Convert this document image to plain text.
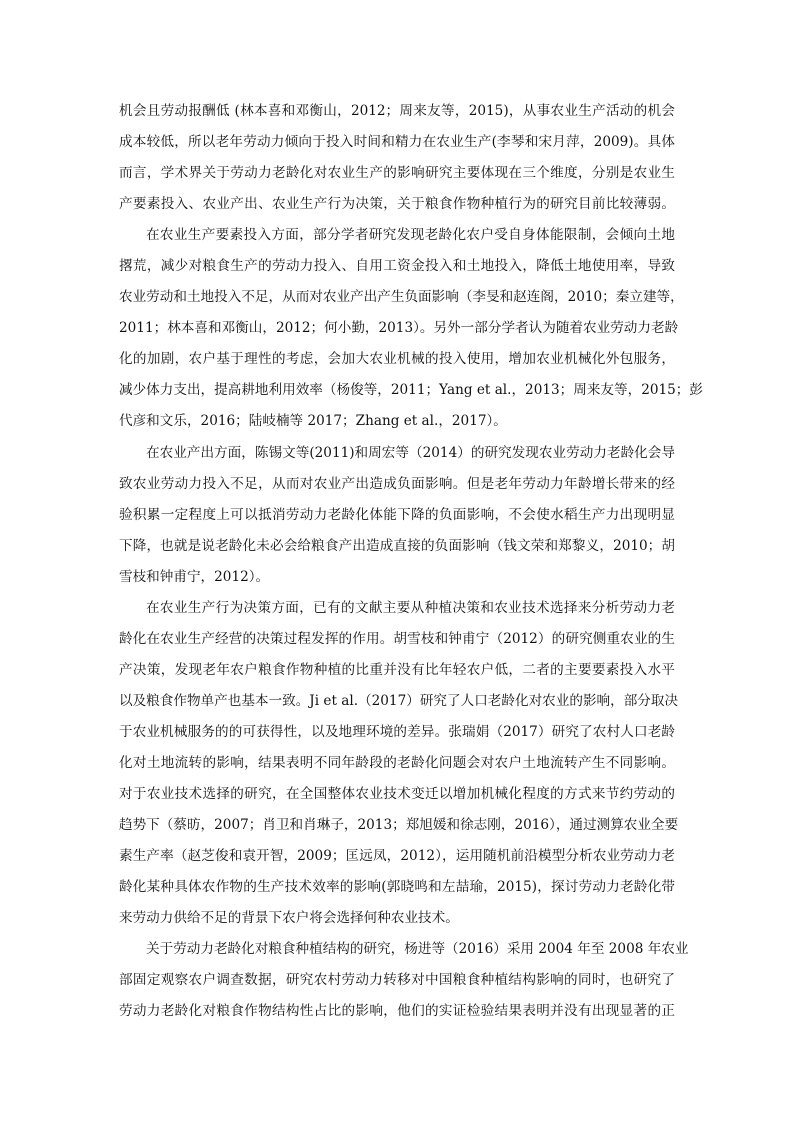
机会且劳动报酬低 (林本喜和邓衡山，2012；周来友等，2015)，从事农业生产活动的机会
成本较低，所以老年劳动力倾向于投入时间和精力在农业生产(李琴和宋月萍，2009)。具体
而言，学术界关于劳动力老龄化对农业生产的影响研究主要体现在三个维度，分别是农业生
产要素投入、农业产出、农业生产行为决策，关于粮食作物种植行为的研究目前比较薄弱。
在农业生产要素投入方面，部分学者研究发现老龄化农户受自身体能限制，会倾向土地
撂荒，减少对粮食生产的劳动力投入、自用工资金投入和土地投入，降低土地使用率，导致
农业劳动和土地投入不足，从而对农业产出产生负面影响（李旻和赵连阁，2010；秦立建等，
2011；林本喜和邓衡山，2012；何小勤，2013）。另外一部分学者认为随着农业劳动力老龄
化的加剧，农户基于理性的考虑，会加大农业机械的投入使用，增加农业机械化外包服务，
减少体力支出，提高耕地利用效率（杨俊等，2011；Yang et al.，2013；周来友等，2015；彭
代彦和文乐，2016；陆岐楠等 2017；Zhang et al.，2017）。
在农业产出方面，陈锡文等(2011)和周宏等（2014）的研究发现农业劳动力老龄化会导
致农业劳动力投入不足，从而对农业产出造成负面影响。但是老年劳动力年龄增长带来的经
验积累一定程度上可以抵消劳动力老龄化体能下降的负面影响，不会使水稻生产力出现明显
下降，也就是说老龄化未必会给粮食产出造成直接的负面影响（钱文荣和郑黎义，2010；胡
雪枝和钟甫宁，2012）。
在农业生产行为决策方面，已有的文献主要从种植决策和农业技术选择来分析劳动力老
龄化在农业生产经营的决策过程发挥的作用。胡雪枝和钟甫宁（2012）的研究侧重农业的生
产决策，发现老年农户粮食作物种植的比重并没有比年轻农户低，二者的主要要素投入水平
以及粮食作物单产也基本一致。Ji et al.（2017）研究了人口老龄化对农业的影响，部分取决
于农业机械服务的的可获得性，以及地理环境的差异。张瑞娟（2017）研究了农村人口老龄
化对土地流转的影响，结果表明不同年龄段的老龄化问题会对农户土地流转产生不同影响。
对于农业技术选择的研究，在全国整体农业技术变迁以增加机械化程度的方式来节约劳动的
趋势下（蔡昉，2007；肖卫和肖琳子，2013；郑旭媛和徐志刚，2016），通过测算农业全要
素生产率（赵芝俊和袁开智，2009；匡远凤，2012），运用随机前沿模型分析农业劳动力老
龄化某种具体农作物的生产技术效率的影响(郭晓鸣和左喆瑜，2015)，探讨劳动力老龄化带
来劳动力供给不足的背景下农户将会选择何种农业技术。
关于劳动力老龄化对粮食种植结构的研究，杨进等（2016）采用 2004 年至 2008 年农业
部固定观察农户调查数据，研究农村劳动力转移对中国粮食种植结构影响的同时，也研究了
劳动力老龄化对粮食作物结构性占比的影响，他们的实证检验结果表明并没有出现显著的正
